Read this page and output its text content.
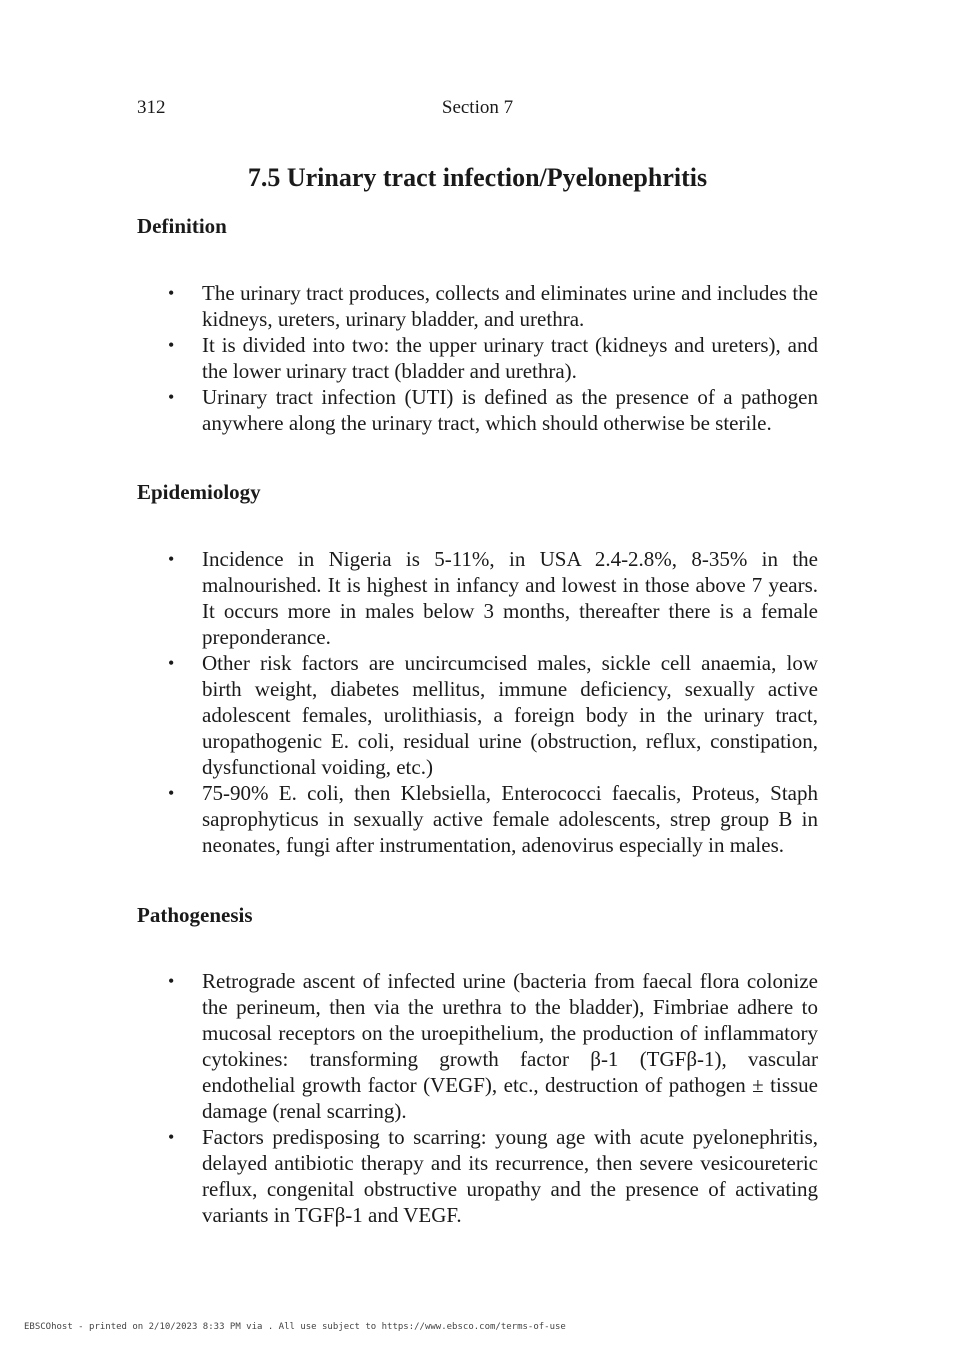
312	Section 7
7.5 Urinary tract infection/Pyelonephritis
Definition
• The urinary tract produces, collects and eliminates urine and includes the kidneys, ureters, urinary bladder, and urethra.
• It is divided into two: the upper urinary tract (kidneys and ureters), and the lower urinary tract (bladder and urethra).
• Urinary tract infection (UTI) is defined as the presence of a pathogen anywhere along the urinary tract, which should otherwise be sterile.
Epidemiology
• Incidence in Nigeria is 5-11%, in USA 2.4-2.8%, 8-35% in the malnourished. It is highest in infancy and lowest in those above 7 years. It occurs more in males below 3 months, thereafter there is a female preponderance.
• Other risk factors are uncircumcised males, sickle cell anaemia, low birth weight, diabetes mellitus, immune deficiency, sexually active adolescent females, urolithiasis, a foreign body in the urinary tract, uropathogenic E. coli, residual urine (obstruction, reflux, constipation, dysfunctional voiding, etc.)
• 75-90% E. coli, then Klebsiella, Enterococci faecalis, Proteus, Staph saprophyticus in sexually active female adolescents, strep group B in neonates, fungi after instrumentation, adenovirus especially in males.
Pathogenesis
• Retrograde ascent of infected urine (bacteria from faecal flora colonize the perineum, then via the urethra to the bladder), Fimbriae adhere to mucosal receptors on the uroepithelium, the production of inflammatory cytokines: transforming growth factor β-1 (TGFβ-1), vascular endothelial growth factor (VEGF), etc., destruction of pathogen ± tissue damage (renal scarring).
• Factors predisposing to scarring: young age with acute pyelonephritis, delayed antibiotic therapy and its recurrence, then severe vesicoureteric reflux, congenital obstructive uropathy and the presence of activating variants in TGFβ-1 and VEGF.
EBSCOhost - printed on 2/10/2023 8:33 PM via . All use subject to https://www.ebsco.com/terms-of-use
